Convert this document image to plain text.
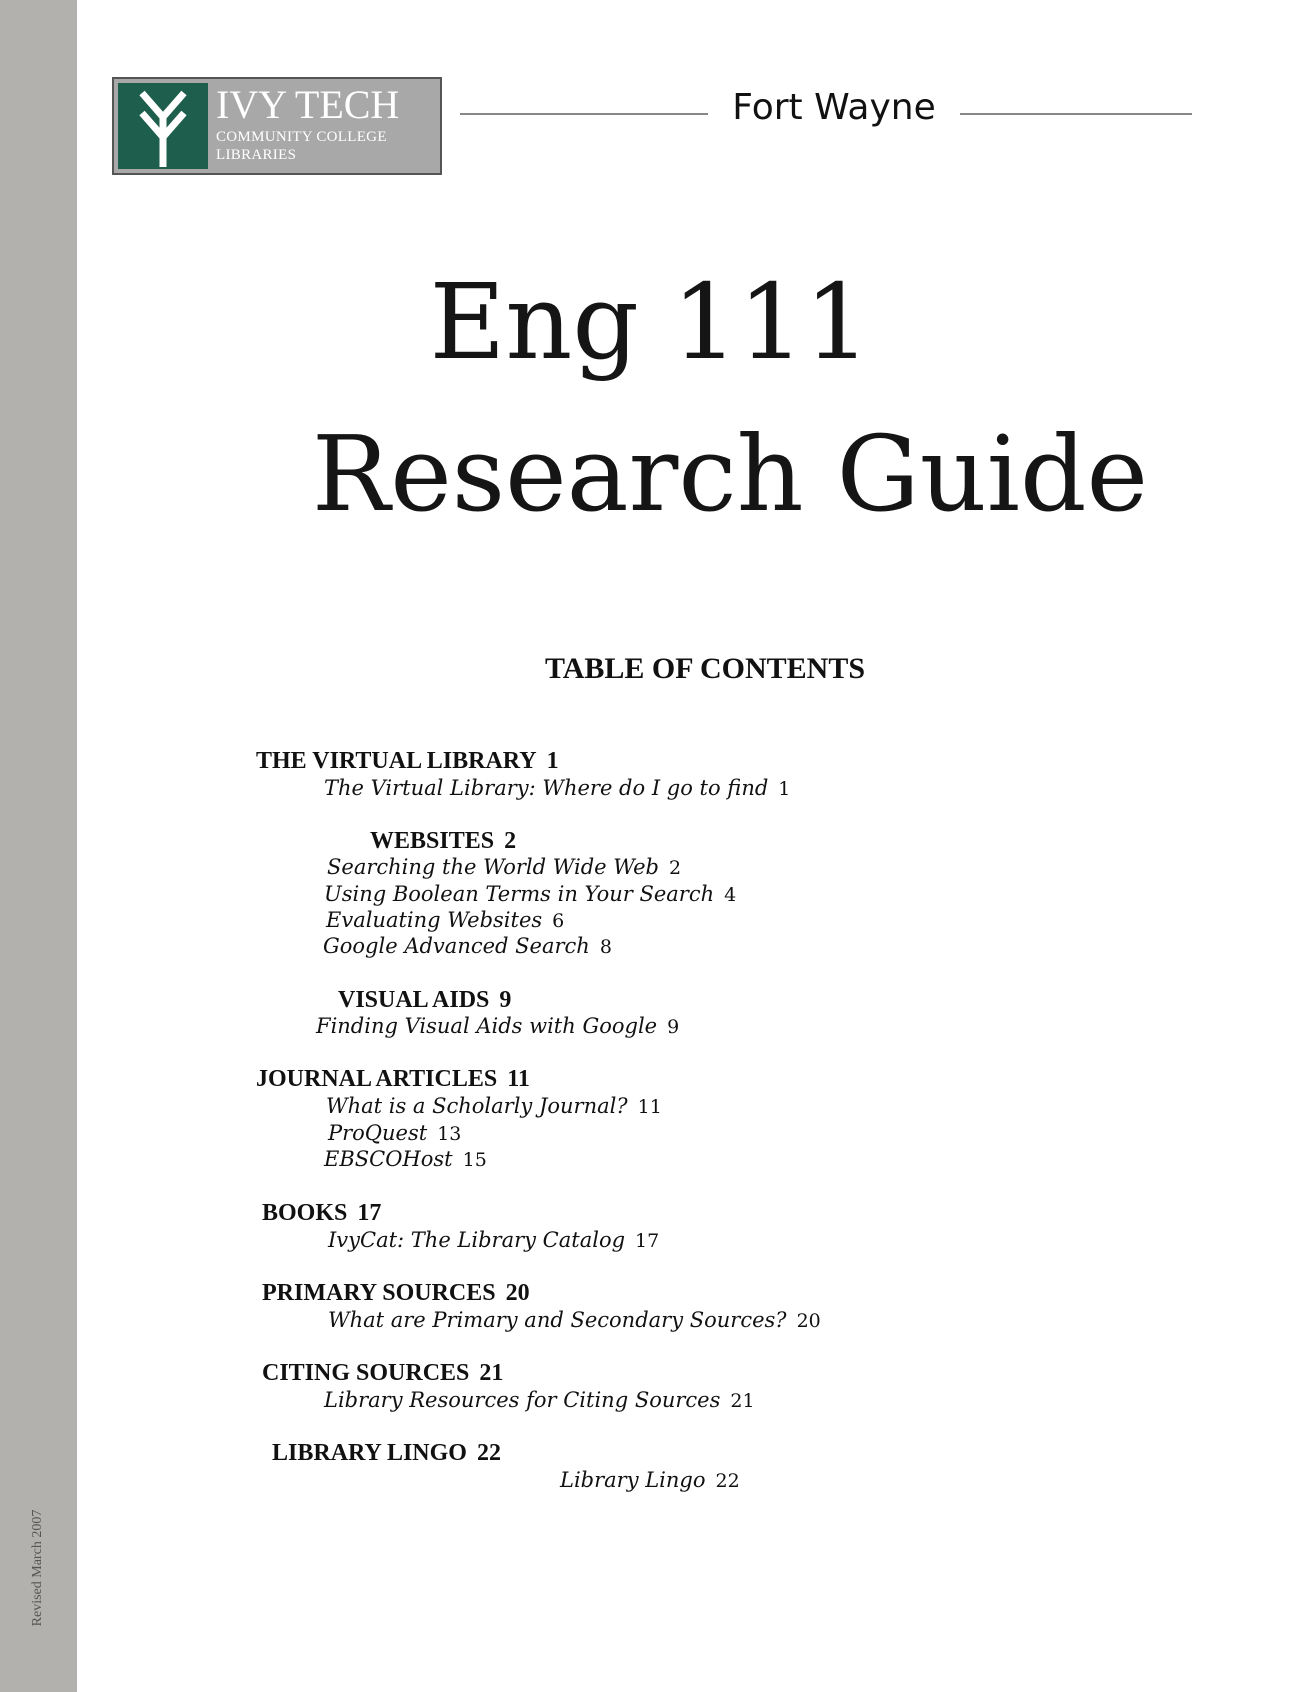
Revised March 2007
IVY TECH
COMMUNITY COLLEGE
LIBRARIES
Fort Wayne
Eng 111
Research Guide
TABLE OF CONTENTS
THE VIRTUAL LIBRARY 1
The Virtual Library: Where do I go to find 1
WEBSITES 2
Searching the World Wide Web 2
Using Boolean Terms in Your Search 4
Evaluating Websites 6
Google Advanced Search 8
VISUAL AIDS 9
Finding Visual Aids with Google 9
JOURNAL ARTICLES 11
What is a Scholarly Journal? 11
ProQuest 13
EBSCOHost 15
BOOKS 17
IvyCat: The Library Catalog 17
PRIMARY SOURCES 20
What are Primary and Secondary Sources? 20
CITING SOURCES 21
Library Resources for Citing Sources 21
LIBRARY LINGO 22
Library Lingo 22
